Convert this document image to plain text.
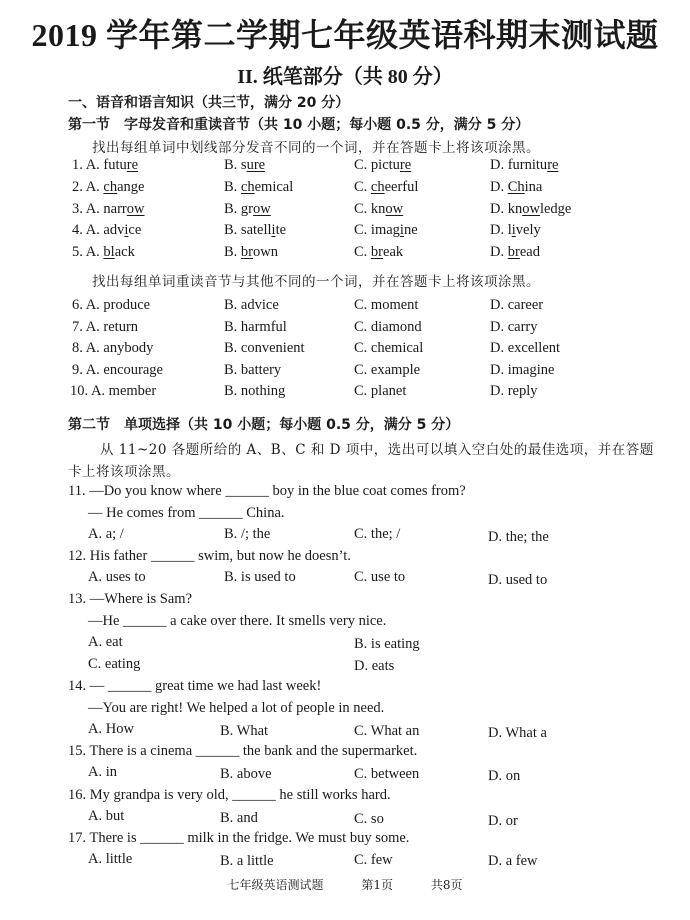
2019 学年第二学期七年级英语科期末测试题
II. 纸笔部分（共 80 分）
一、语音和语言知识（共三节，满分 20 分）
第一节　字母发音和重读音节（共 10 小题；每小题 0.5 分，满分 5 分）
找出每组单词中划线部分发音不同的一个词，并在答题卡上将该项涂黑。
1. A. future	B. sure	C. picture	D. furniture
2. A. change	B. chemical	C. cheerful	D. China
3. A. narrow	B. grow	C. know	D. knowledge
4. A. advice	B. satellite	C. imagine	D. lively
5. A. black	B. brown	C. break	D. bread
找出每组单词重读音节与其他不同的一个词，并在答题卡上将该项涂黑。
6. A. produce	B. advice	C. moment	D. career
7. A. return	B. harmful	C. diamond	D. carry
8. A. anybody	B. convenient	C. chemical	D. excellent
9. A. encourage	B. battery	C. example	D. imagine
10. A. member	B. nothing	C. planet	D. reply
第二节　单项选择（共 10 小题；每小题 0.5 分，满分 5 分）
从 11~20 各题所给的 A、B、C 和 D 项中，选出可以填入空白处的最佳选项，并在答题
卡上将该项涂黑。
11. —Do you know where ______ boy in the blue coat comes from?
— He comes from ______ China.
A. a; /	B. /; the	C. the; /	D. the; the
12. His father ______ swim, but now he doesn’t.
A. uses to	B. is used to	C. use to	D. used to
13. —Where is Sam?
—He ______ a cake over there. It smells very nice.
A. eat	B. is eating
C. eating	D. eats
14. — ______ great time we had last week!
—You are right! We helped a lot of people in need.
A. How	B. What	C. What an	D. What a
15. There is a cinema ______ the bank and the supermarket.
A. in	B. above	C. between	D. on
16. My grandpa is very old, ______ he still works hard.
A. but	B. and	C. so	D. or
17. There is ______ milk in the fridge. We must buy some.
A. little	B. a little	C. few	D. a few
七年级英语测试题	第1页	共8页
